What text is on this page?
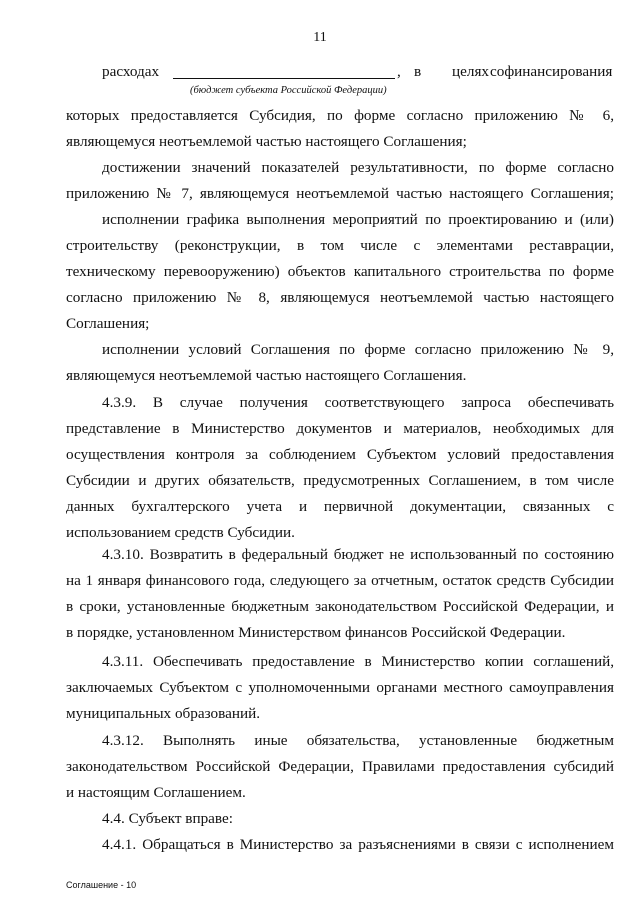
11
расходах	, в целях софинансирования
(бюджет субъекта Российской Федерации)
которых предоставляется Субсидия, по форме согласно приложению № 6,
являющемуся неотъемлемой частью настоящего Соглашения;
достижении значений показателей результативности, по форме согласно
приложению № 7, являющемуся неотъемлемой частью настоящего Соглашения;
исполнении графика выполнения мероприятий по проектированию и (или)
строительству (реконструкции, в том числе с элементами реставрации,
техническому перевооружению) объектов капитального строительства по форме
согласно приложению № 8, являющемуся неотъемлемой частью настоящего
Соглашения;
исполнении условий Соглашения по форме согласно приложению № 9,
являющемуся неотъемлемой частью настоящего Соглашения.
4.3.9. В случае получения соответствующего запроса обеспечивать
представление в Министерство документов и материалов, необходимых для
осуществления контроля за соблюдением Субъектом условий предоставления
Субсидии и других обязательств, предусмотренных Соглашением, в том числе
данных бухгалтерского учета и первичной документации, связанных с
использованием средств Субсидии.
4.3.10. Возвратить в федеральный бюджет не использованный по состоянию
на 1 января финансового года, следующего за отчетным, остаток средств Субсидии
в сроки, установленные бюджетным законодательством Российской Федерации, и
в порядке, установленном Министерством финансов Российской Федерации.
4.3.11. Обеспечивать предоставление в Министерство копии соглашений,
заключаемых Субъектом с уполномоченными органами местного самоуправления
муниципальных образований.
4.3.12. Выполнять иные обязательства, установленные бюджетным
законодательством Российской Федерации, Правилами предоставления субсидий
и настоящим Соглашением.
4.4. Субъект вправе:
4.4.1. Обращаться в Министерство за разъяснениями в связи с исполнением
Соглашение - 10
